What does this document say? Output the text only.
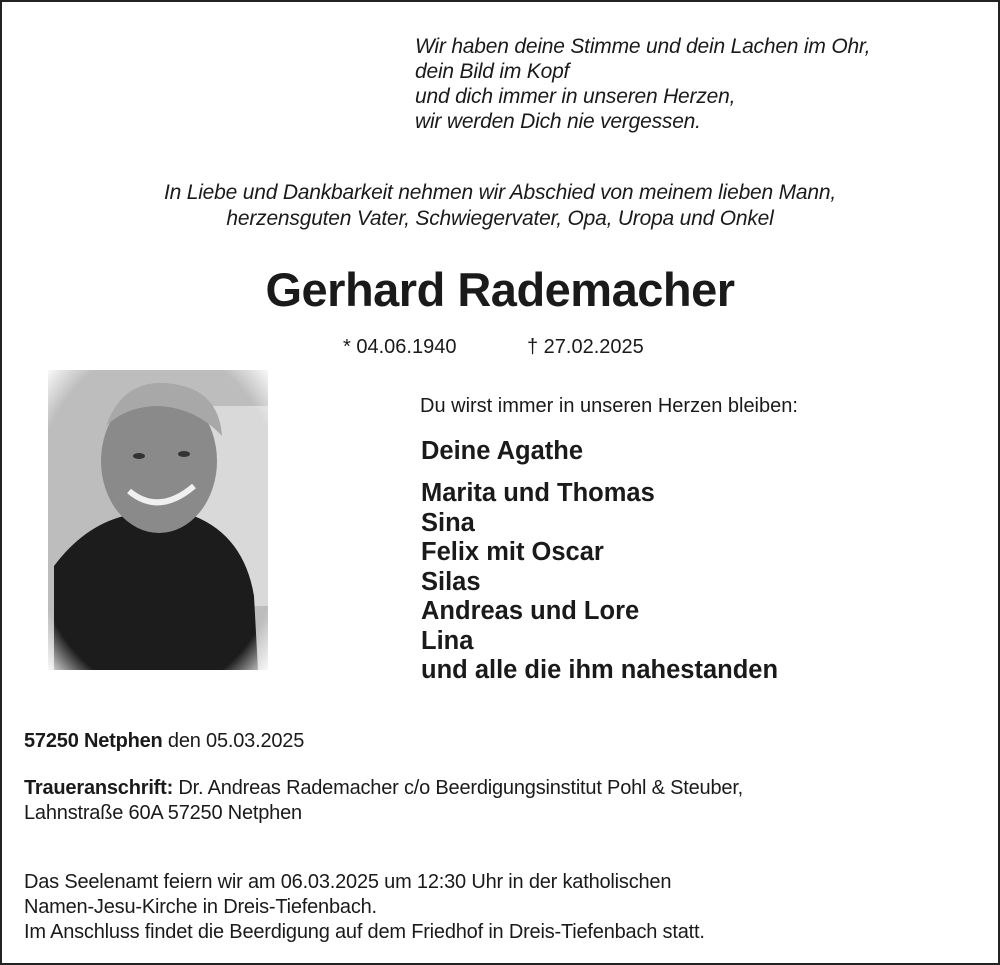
Wir haben deine Stimme und dein Lachen im Ohr,
dein Bild im Kopf
und dich immer in unseren Herzen,
wir werden Dich nie vergessen.
In Liebe und Dankbarkeit nehmen wir Abschied von meinem lieben Mann,
herzensguten Vater, Schwiegervater, Opa, Uropa und Onkel
Gerhard Rademacher
* 04.06.1940	† 27.02.2025
Du wirst immer in unseren Herzen bleiben:
Deine Agathe
Marita und Thomas
Sina
Felix mit Oscar
Silas
Andreas und Lore
Lina
und alle die ihm nahestanden
57250 Netphen den 05.03.2025
Traueranschrift: Dr. Andreas Rademacher c/o Beerdigungsinstitut Pohl & Steuber,
Lahnstraße 60A 57250 Netphen
Das Seelenamt feiern wir am 06.03.2025 um 12:30 Uhr in der katholischen
Namen-Jesu-Kirche in Dreis-Tiefenbach.
Im Anschluss findet die Beerdigung auf dem Friedhof in Dreis-Tiefenbach statt.
